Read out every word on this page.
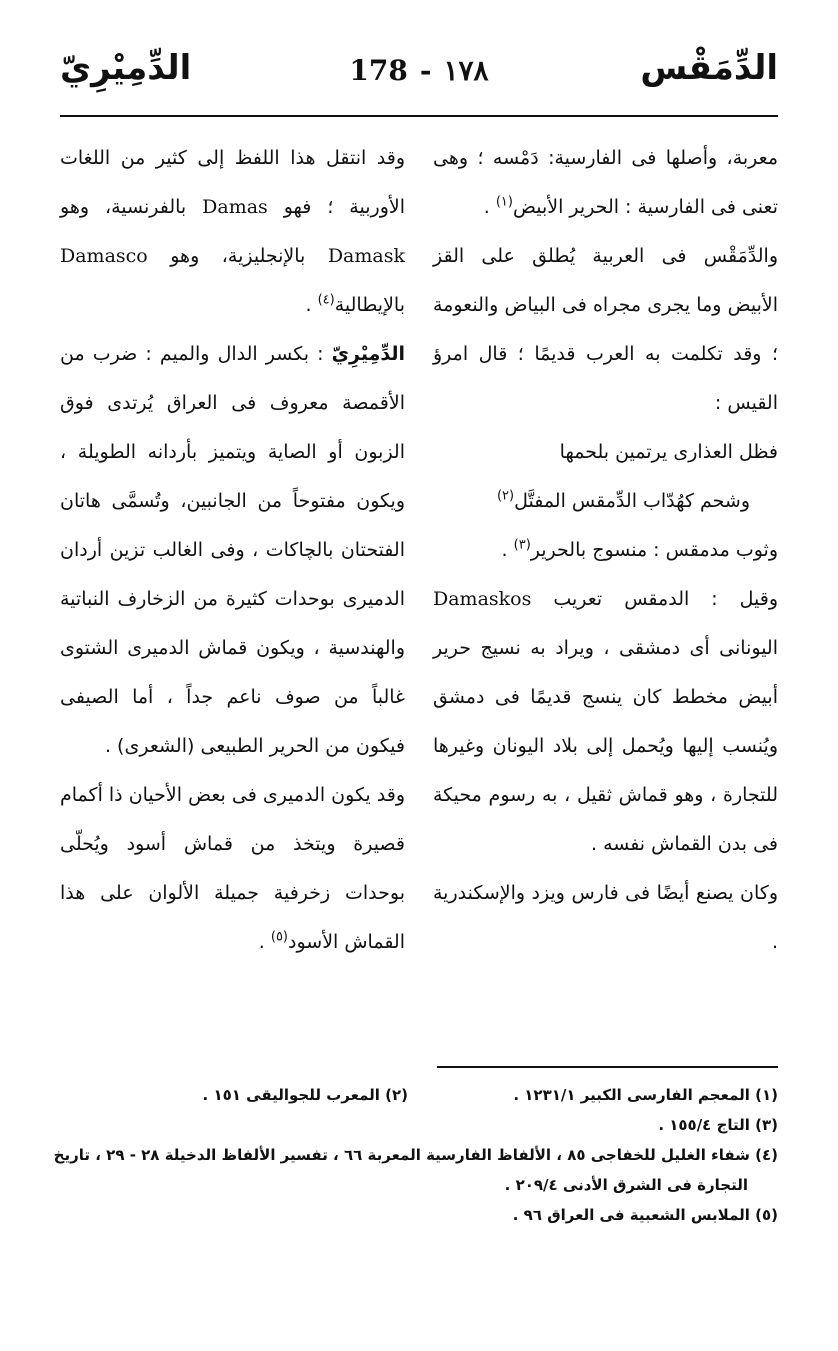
الدِّمَقْس
١٧٨-178
الدِّمِيْرِيّ

معربة، وأصلها فى الفارسية: دَمْسه ؛ وهى تعنى فى الفارسية : الحرير الأبيض$^{(١)}$ .

والدِّمَقْس فى العربية يُطلق على القز الأبيض وما يجرى مجراه فى البياض والنعومة ؛ وقد تكلمت به العرب قديمًا ؛ قال امرؤ القيس :

فظل العذارى يرتمين بلحمها

وشحم كهُدّاب الدِّمقس المفتَّل$^{(٢)}$

وثوب مدمقس : منسوج بالحرير$^{(٣)}$ .

وقيل : الدمقس تعريب Damaskos اليونانى أى دمشقى ، ويراد به نسيج حرير أبيض مخطط كان ينسج قديمًا فى دمشق ويُنسب إليها ويُحمل إلى بلاد اليونان وغيرها للتجارة ، وهو قماش ثقيل ، به رسوم محيكة فى بدن القماش نفسه .

وكان يصنع أيضًا فى فارس ويزد والإسكندرية .

وقد انتقل هذا اللفظ إلى كثير من اللغات الأوربية ؛ فهو Damas بالفرنسية، وهو Damask بالإنجليزية، وهو Damasco بالإيطالية$^{(٤)}$ .

الدِّمِيْرِيّ : بكسر الدال والميم : ضرب من الأقمصة معروف فى العراق يُرتدى فوق الزبون أو الصاية ويتميز بأردانه الطويلة ، ويكون مفتوحاً من الجانبين، وتُسمَّى هاتان الفتحتان بالچاكات ، وفى الغالب تزين أردان الدميرى بوحدات كثيرة من الزخارف النباتية والهندسية ، ويكون قماش الدميرى الشتوى غالباً من صوف ناعم جداً ، أما الصيفى فيكون من الحرير الطبيعى (الشعرى) .

وقد يكون الدميرى فى بعض الأحيان ذا أكمام قصيرة ويتخذ من قماش أسود ويُحلّى بوحدات زخرفية جميلة الألوان على هذا القماش الأسود$^{(٥)}$ .

(١) المعجم الفارسى الكبير ١٢٣١/١ .
(٢) المعرب للجواليقى ١٥١ .
(٣) التاج ١٥٥/٤ .
(٤) شفاء الغليل للخفاجى ٨٥ ، الألفاظ الفارسية المعربة ٦٦ ، تفسير الألفاظ الدخيلة ٢٨ - ٢٩ ، تاريخ
التجارة فى الشرق الأدنى ٢٠٩/٤ .
(٥) الملابس الشعبية فى العراق ٩٦ .
